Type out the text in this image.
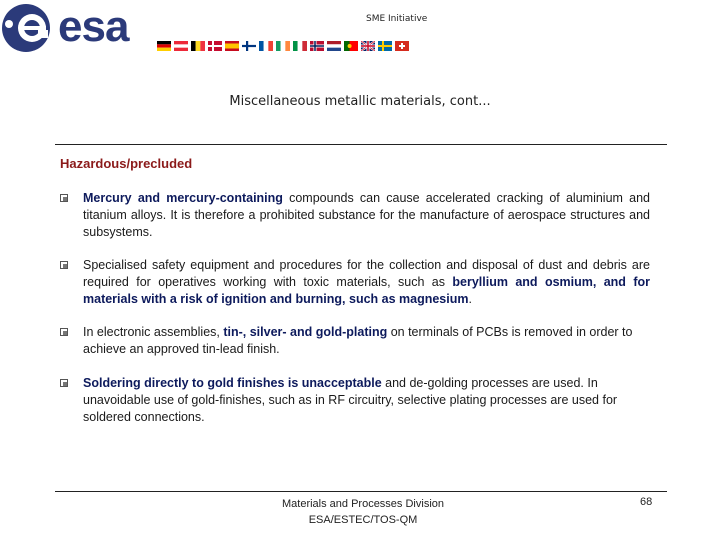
esa	SME Initiative
Miscellaneous metallic materials, cont...
Hazardous/precluded
Mercury and mercury-containing compounds can cause accelerated cracking of aluminium and titanium alloys. It is therefore a prohibited substance for the manufacture of aerospace structures and subsystems.
Specialised safety equipment and procedures for the collection and disposal of dust and debris are required for operatives working with toxic materials, such as beryllium and osmium, and for materials with a risk of ignition and burning, such as magnesium.
In electronic assemblies, tin-, silver- and gold-plating on terminals of PCBs is removed in order to achieve an approved tin-lead finish.
Soldering directly to gold finishes is unacceptable and de-golding processes are used. In unavoidable use of gold-finishes, such as in RF circuitry, selective plating processes are used for soldered connections.
Materials and Processes Division
ESA/ESTEC/TOS-QM
68
